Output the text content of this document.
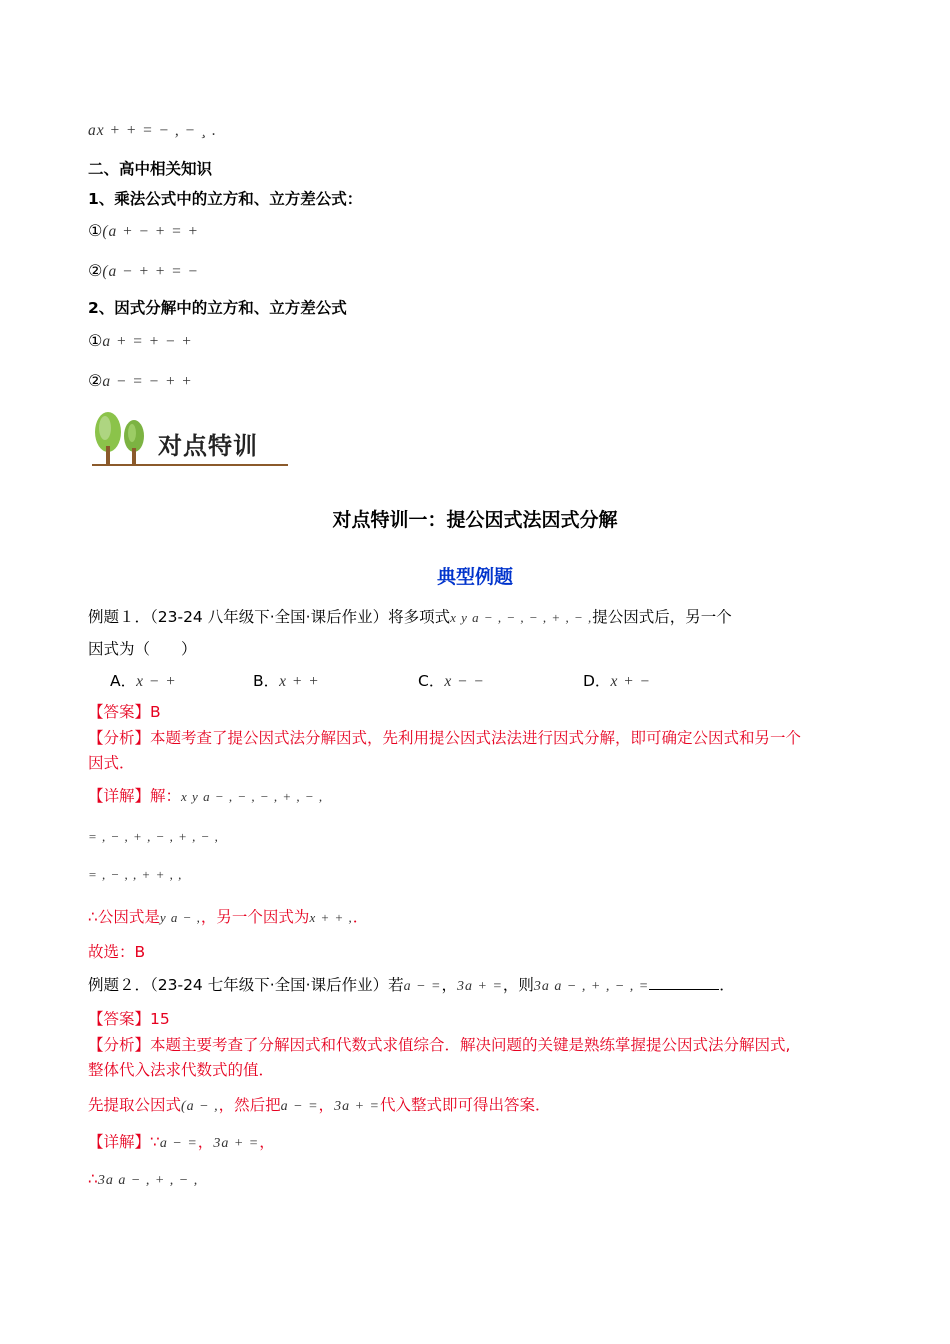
ax + + = − , − ¸ .
二、高中相关知识
1、乘法公式中的立方和、立方差公式：
①(a + − + = +
②(a − + + = −
2、因式分解中的立方和、立方差公式
①a + = + − +
②a − = − + +
对点特训
对点特训一：提公因式法因式分解
典型例题
例题１．（23-24 八年级下·全国·课后作业）将多项式x y a − , − , − , + , − ,提公因式后，另一个
因式为（　　）
A．x − +	B．x + +	C．x − −	D．x + −
【答案】B
【分析】本题考查了提公因式法分解因式，先利用提公因式法法进行因式分解，即可确定公因式和另一个
因式．
【详解】解：x y a − , − , − , + , − ,
= , − , + , − , + , − ,
= , − , , + + , ,
∴公因式是y a − ,，另一个因式为x + + ,．
故选：B
例题２．（23-24 七年级下·全国·课后作业）若a − =，3a + =，则3a a − , + , − , =	．
【答案】15
【分析】本题主要考查了分解因式和代数式求值综合．解决问题的关键是熟练掌握提公因式法分解因式,
整体代入法求代数式的值．
先提取公因式(a − ,，然后把a − =，3a + =代入整式即可得出答案．
【详解】∵a − =，3a + =，
∴3a a − , + , − ,
